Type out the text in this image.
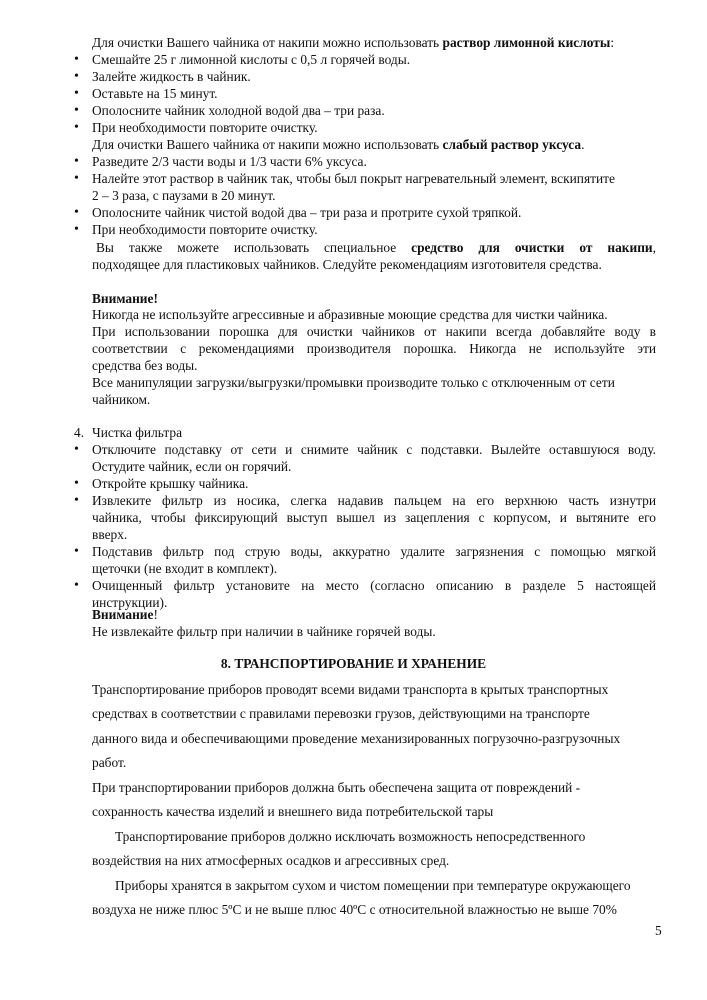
Для очистки Вашего чайника от накипи можно использовать раствор лимонной кислоты:
• Смешайте 25 г лимонной кислоты с 0,5 л горячей воды.
• Залейте жидкость в чайник.
• Оставьте на 15 минут.
• Ополосните чайник холодной водой два – три раза.
• При необходимости повторите очистку.
Для очистки Вашего чайника от накипи можно использовать слабый раствор уксуса.
• Разведите 2/3 части воды и 1/3 части 6% уксуса.
• Налейте этот раствор в чайник так, чтобы был покрыт нагревательный элемент, вскипятите
2 – 3 раза, с паузами в 20 минут.
• Ополосните чайник чистой водой два – три раза и протрите сухой тряпкой.
• При необходимости повторите очистку.
Вы также можете использовать специальное средство для очистки от накипи,
подходящее для пластиковых чайников. Следуйте рекомендациям изготовителя средства.
Внимание!
Никогда не используйте агрессивные и абразивные моющие средства для чистки чайника.
При использовании порошка для очистки чайников от накипи всегда добавляйте воду в
соответствии с рекомендациями производителя порошка. Никогда не используйте эти
средства без воды.
Все манипуляции загрузки/выгрузки/промывки производите только с отключенным от сети
чайником.
4. Чистка фильтра
• Отключите подставку от сети и снимите чайник с подставки. Вылейте оставшуюся воду.
Остудите чайник, если он горячий.
• Откройте крышку чайника.
• Извлеките фильтр из носика, слегка надавив пальцем на его верхнюю часть изнутри
чайника, чтобы фиксирующий выступ вышел из зацепления с корпусом, и вытяните его
вверх.
• Подставив фильтр под струю воды, аккуратно удалите загрязнения с помощью мягкой
щеточки (не входит в комплект).
• Очищенный фильтр установите на место (согласно описанию в разделе 5 настоящей
инструкции).
Внимание!
Не извлекайте фильтр при наличии в чайнике горячей воды.
8. ТРАНСПОРТИРОВАНИЕ И ХРАНЕНИЕ
Транспортирование приборов проводят всеми видами транспорта в крытых транспортных
средствах в соответствии с правилами перевозки грузов, действующими на транспорте
данного вида и обеспечивающими проведение механизированных погрузочно-разгрузочных
работ.
При транспортировании приборов должна быть обеспечена защита от повреждений -
сохранность качества изделий и внешнего вида потребительской тары
Транспортирование приборов должно исключать возможность непосредственного
воздействия на них атмосферных осадков и агрессивных сред.
Приборы хранятся в закрытом сухом и чистом помещении при температуре окружающего
воздуха не ниже плюс 5ºС и не выше плюс 40ºС с относительной влажностью не выше 70%
5
